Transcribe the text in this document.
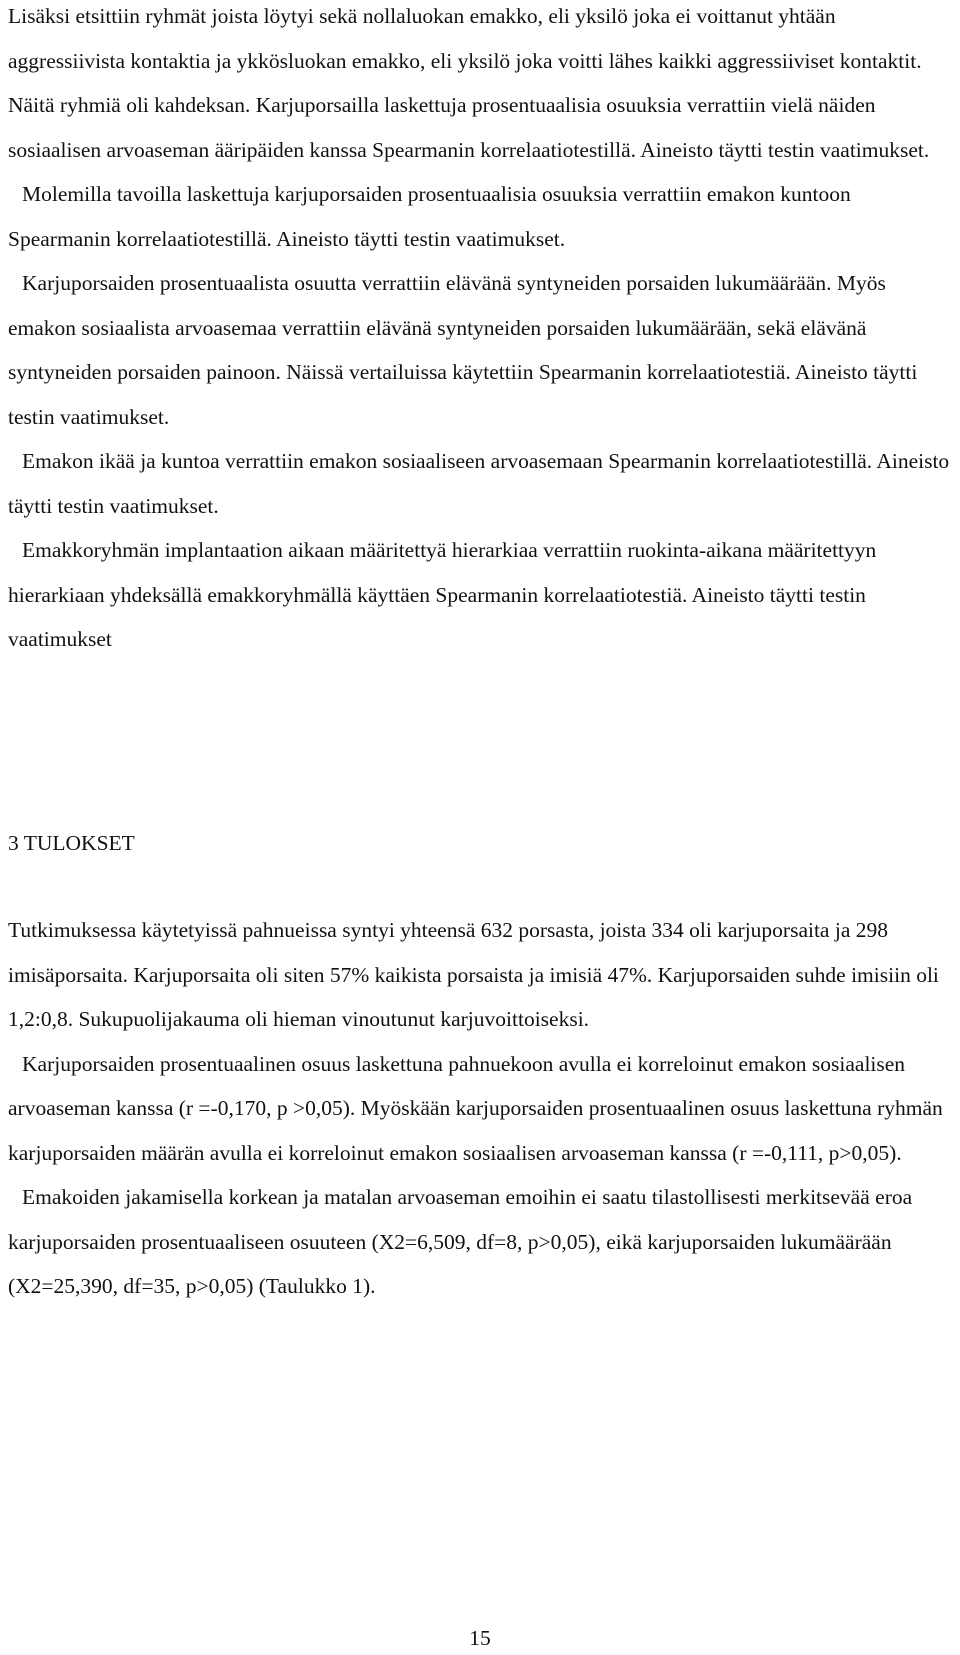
Lisäksi etsittiin ryhmät joista löytyi sekä nollaluokan emakko, eli yksilö joka ei voittanut yhtään aggressiivista kontaktia ja ykkösluokan emakko, eli yksilö joka voitti lähes kaikki aggressiiviset kontaktit. Näitä ryhmiä oli kahdeksan. Karjuporsailla laskettuja prosentuaalisia osuuksia verrattiin vielä näiden sosiaalisen arvoaseman ääripäiden kanssa Spearmanin korrelaatiotestillä. Aineisto täytti testin vaatimukset.

Molemilla tavoilla laskettuja karjuporsaiden prosentuaalisia osuuksia verrattiin emakon kuntoon Spearmanin korrelaatiotestillä. Aineisto täytti testin vaatimukset.

Karjuporsaiden prosentuaalista osuutta verrattiin elävänä syntyneiden porsaiden lukumäärään. Myös emakon sosiaalista arvoasemaa verrattiin elävänä syntyneiden porsaiden lukumäärään, sekä elävänä syntyneiden porsaiden painoon. Näissä vertailuissa käytettiin Spearmanin korrelaatiotestiä. Aineisto täytti testin vaatimukset.

Emakon ikää ja kuntoa verrattiin emakon sosiaaliseen arvoasemaan Spearmanin korrelaatiotestillä. Aineisto täytti testin vaatimukset.

Emakkoryhmän implantaation aikaan määritettyä hierarkiaa verrattiin ruokinta-aikana määritettyyn hierarkiaan yhdeksällä emakkoryhmällä käyttäen Spearmanin korrelaatiotestiä. Aineisto täytti testin vaatimukset

3 TULOKSET

Tutkimuksessa käytetyissä pahnueissa syntyi yhteensä 632 porsasta, joista 334 oli karjuporsaita ja 298 imisäporsaita. Karjuporsaita oli siten 57% kaikista porsaista ja imisiä 47%. Karjuporsaiden suhde imisiin oli 1,2:0,8. Sukupuolijakauma oli hieman vinoutunut karjuvoittoiseksi.

Karjuporsaiden prosentuaalinen osuus laskettuna pahnuekoon avulla ei korreloinut emakon sosiaalisen arvoaseman kanssa (r =-0,170, p >0,05). Myöskään karjuporsaiden prosentuaalinen osuus laskettuna ryhmän karjuporsaiden määrän avulla ei korreloinut emakon sosiaalisen arvoaseman kanssa (r =-0,111, p>0,05).

Emakoiden jakamisella korkean ja matalan arvoaseman emoihin ei saatu tilastollisesti merkitsevää eroa karjuporsaiden prosentuaaliseen osuuteen (Χ2=6,509, df=8, p>0,05), eikä karjuporsaiden lukumäärään (Χ2=25,390, df=35, p>0,05) (Taulukko 1).

15
